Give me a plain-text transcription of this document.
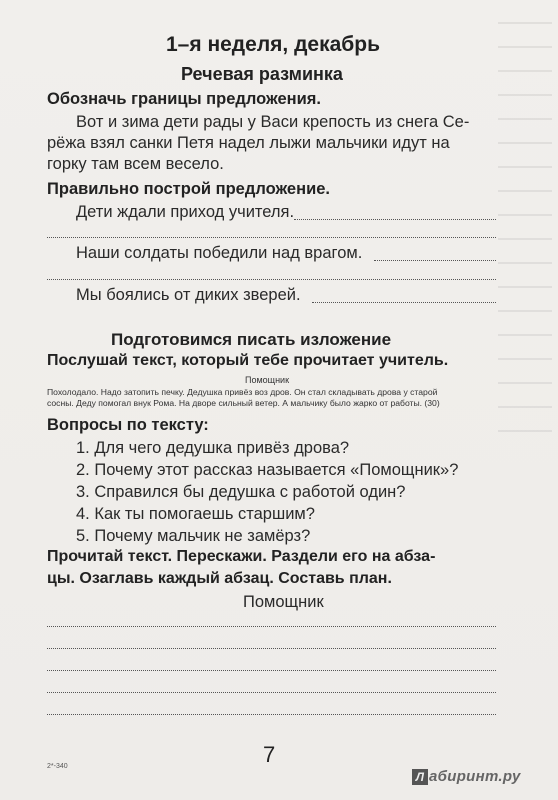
1–я неделя, декабрь
Речевая разминка
Обозначь границы предложения.
Вот и зима дети рады у Васи крепость из снега Се-
рёжа взял санки Петя надел лыжи мальчики идут на
горку там всем весело.
Правильно построй предложение.
Дети ждали приход учителя.
Наши солдаты победили над врагом.
Мы боялись от диких зверей.
Подготовимся писать изложение
Послушай текст, который тебе прочитает учитель.
Помощник
Похолодало. Надо затопить печку. Дедушка привёз воз дров. Он стал складывать дрова у старой
сосны. Деду помогал внук Рома. На дворе сильный ветер. А мальчику было жарко от работы. (30)
Вопросы по тексту:
1. Для чего дедушка привёз дрова?
2. Почему этот рассказ называется «Помощник»?
3. Справился бы дедушка с работой один?
4. Как ты помогаешь старшим?
5. Почему мальчик не замёрз?
Прочитай текст. Перескажи. Раздели его на абза-
цы. Озаглавь каждый абзац. Составь план.
Помощник
7
2*-340
Л абиринт.ру
